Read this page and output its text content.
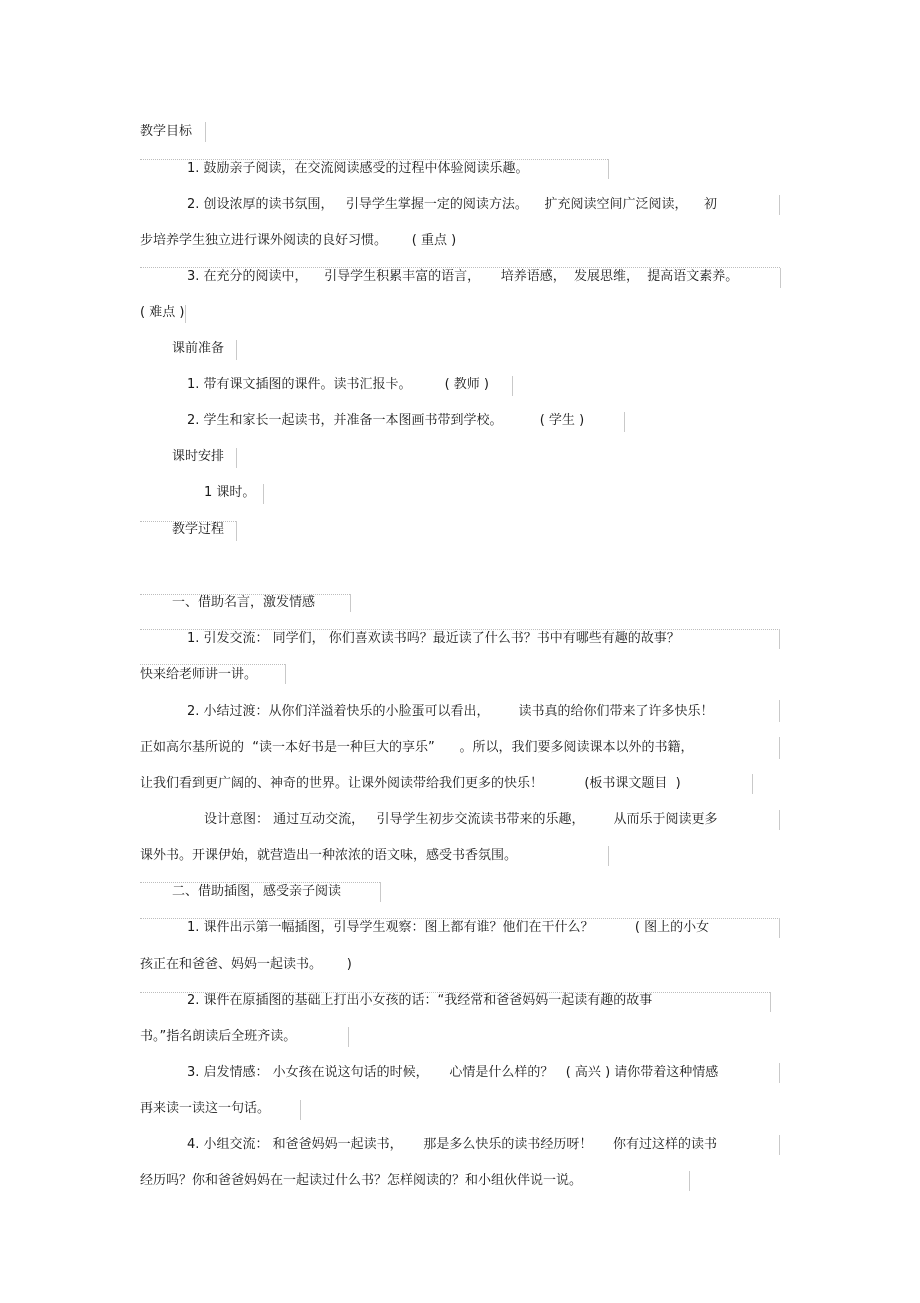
教学目标
1. 鼓励亲子阅读，在交流阅读感受的过程中体验阅读乐趣。
2. 创设浓厚的读书氛围，   引导学生掌握一定的阅读方法。    扩充阅读空间广泛阅读，    初
步培养学生独立进行课外阅读的良好习惯。      ( 重点 )
3. 在充分的阅读中，    引导学生积累丰富的语言，     培养语感，  发展思维，  提高语文素养。
( 难点 )
课前准备
1. 带有课文插图的课件。读书汇报卡。        ( 教师 )
2. 学生和家长一起读书，并准备一本图画书带到学校。         ( 学生 )
课时安排
1 课时。
教学过程
一、借助名言，激发情感
1. 引发交流： 同学们， 你们喜欢读书吗？最近读了什么书？书中有哪些有趣的故事？
快来给老师讲一讲。
2. 小结过渡：从你们洋溢着快乐的小脸蛋可以看出，       读书真的给你们带来了许多快乐！
正如高尔基所说的  “读一本好书是一种巨大的享乐”      。所以，我们要多阅读课本以外的书籍，
让我们看到更广阔的、神奇的世界。让课外阅读带给我们更多的快乐！          (板书课文题目  )
设计意图： 通过互动交流，   引导学生初步交流读书带来的乐趣，       从而乐于阅读更多
课外书。开课伊始，就营造出一种浓浓的语文味，感受书香氛围。
二、借助插图，感受亲子阅读
1. 课件出示第一幅插图，引导学生观察：图上都有谁？他们在干什么？          ( 图上的小女
孩正在和爸爸、妈妈一起读书。      )
2. 课件在原插图的基础上打出小女孩的话：“我经常和爸爸妈妈一起读有趣的故事
书。”指名朗读后全班齐读。
3. 启发情感： 小女孩在说这句话的时候，     心情是什么样的？   ( 高兴 ) 请你带着这种情感
再来读一读这一句话。
4. 小组交流： 和爸爸妈妈一起读书，     那是多么快乐的读书经历呀！     你有过这样的读书
经历吗？你和爸爸妈妈在一起读过什么书？怎样阅读的？和小组伙伴说一说。
